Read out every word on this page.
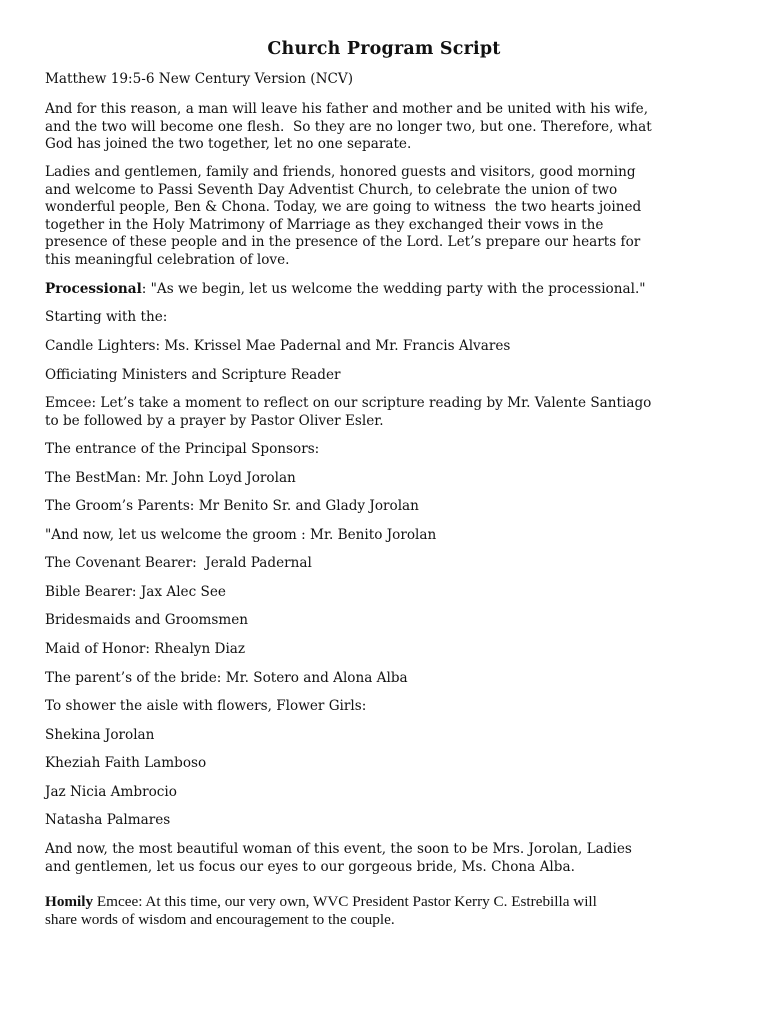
Church Program Script
Matthew 19:5-6 New Century Version (NCV)
And for this reason, a man will leave his father and mother and be united with his wife,
and the two will become one flesh.  So they are no longer two, but one. Therefore, what
God has joined the two together, let no one separate.
Ladies and gentlemen, family and friends, honored guests and visitors, good morning
and welcome to Passi Seventh Day Adventist Church, to celebrate the union of two
wonderful people, Ben & Chona. Today, we are going to witness  the two hearts joined
together in the Holy Matrimony of Marriage as they exchanged their vows in the
presence of these people and in the presence of the Lord. Let’s prepare our hearts for
this meaningful celebration of love.
Processional: "As we begin, let us welcome the wedding party with the processional."
Starting with the:
Candle Lighters: Ms. Krissel Mae Padernal and Mr. Francis Alvares
Officiating Ministers and Scripture Reader
Emcee: Let’s take a moment to reflect on our scripture reading by Mr. Valente Santiago
to be followed by a prayer by Pastor Oliver Esler.
The entrance of the Principal Sponsors:
The BestMan: Mr. John Loyd Jorolan
The Groom’s Parents: Mr Benito Sr. and Glady Jorolan
"And now, let us welcome the groom : Mr. Benito Jorolan
The Covenant Bearer:  Jerald Padernal
Bible Bearer: Jax Alec See
Bridesmaids and Groomsmen
Maid of Honor: Rhealyn Diaz
The parent’s of the bride: Mr. Sotero and Alona Alba
To shower the aisle with flowers, Flower Girls:
Shekina Jorolan
Kheziah Faith Lamboso
Jaz Nicia Ambrocio
Natasha Palmares
And now, the most beautiful woman of this event, the soon to be Mrs. Jorolan, Ladies
and gentlemen, let us focus our eyes to our gorgeous bride, Ms. Chona Alba.
Homily Emcee: At this time, our very own, WVC President Pastor Kerry C. Estrebilla will
share words of wisdom and encouragement to the couple.
